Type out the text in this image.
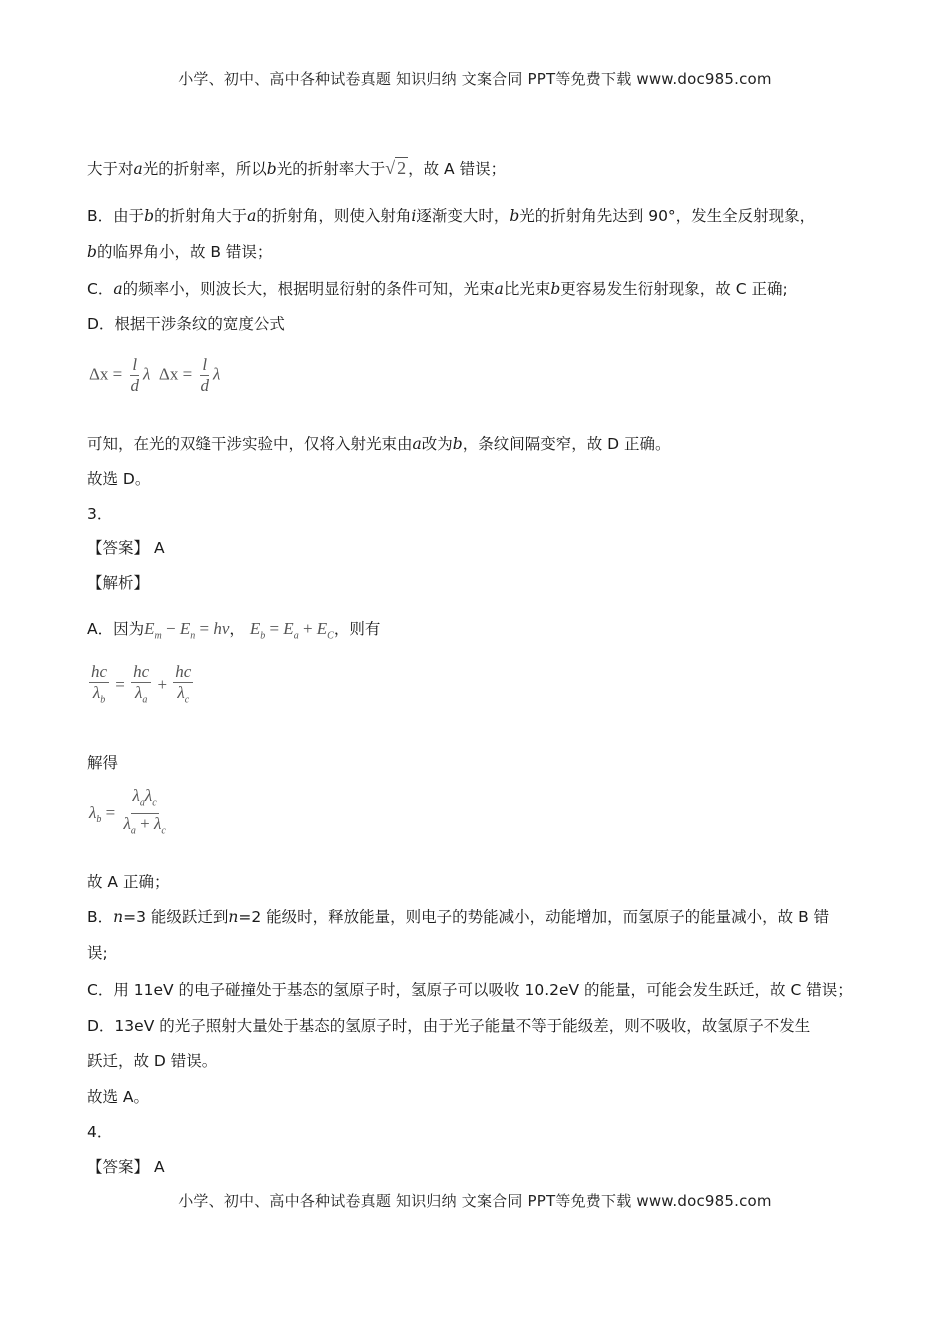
小学、初中、高中各种试卷真题 知识归纳 文案合同 PPT等免费下载 www.doc985.com

大于对a光的折射率，所以b光的折射率大于√ 2 ，故 A 错误；

B．由于b的折射角大于a的折射角，则使入射角i逐渐变大时，b光的折射角先达到 90°，发生全反射现象，

b的临界角小，故 B 错误；

C．a的频率小，则波长大，根据明显衍射的条件可知，光束a比光束b更容易发生衍射现象，故 C 正确;

D．根据干涉条纹的宽度公式

$\Delta x = \frac{l}{d}$ λ $\Delta x = \frac{l}{d}$ λ

可知，在光的双缝干涉实验中，仅将入射光束由a改为b，条纹间隔变窄，故 D 正确。

故选 D。

3．

【答案】 A

【解析】

A．因为$E_m - E_n = h\nu$， $E_b = E_a + E_C$，则有

$\frac{hc}{\lambda_b} = \frac{hc}{\lambda_a} + \frac{hc}{\lambda_c}$

解得

$\lambda_b = \frac{\lambda_a\lambda_c}{\lambda_a + \lambda_c}$

故 A 正确；

B．n=3 能级跃迁到n=2 能级时，释放能量，则电子的势能减小，动能增加，而氢原子的能量减小，故 B 错

误;

C．用 11eV 的电子碰撞处于基态的氢原子时，氢原子可以吸收 10.2eV 的能量，可能会发生跃迁，故 C 错误；

D．13eV 的光子照射大量处于基态的氢原子时，由于光子能量不等于能级差，则不吸收，故氢原子不发生

跃迁，故 D 错误。

故选 A。

4．

【答案】 A

小学、初中、高中各种试卷真题 知识归纳 文案合同 PPT等免费下载 www.doc985.com
